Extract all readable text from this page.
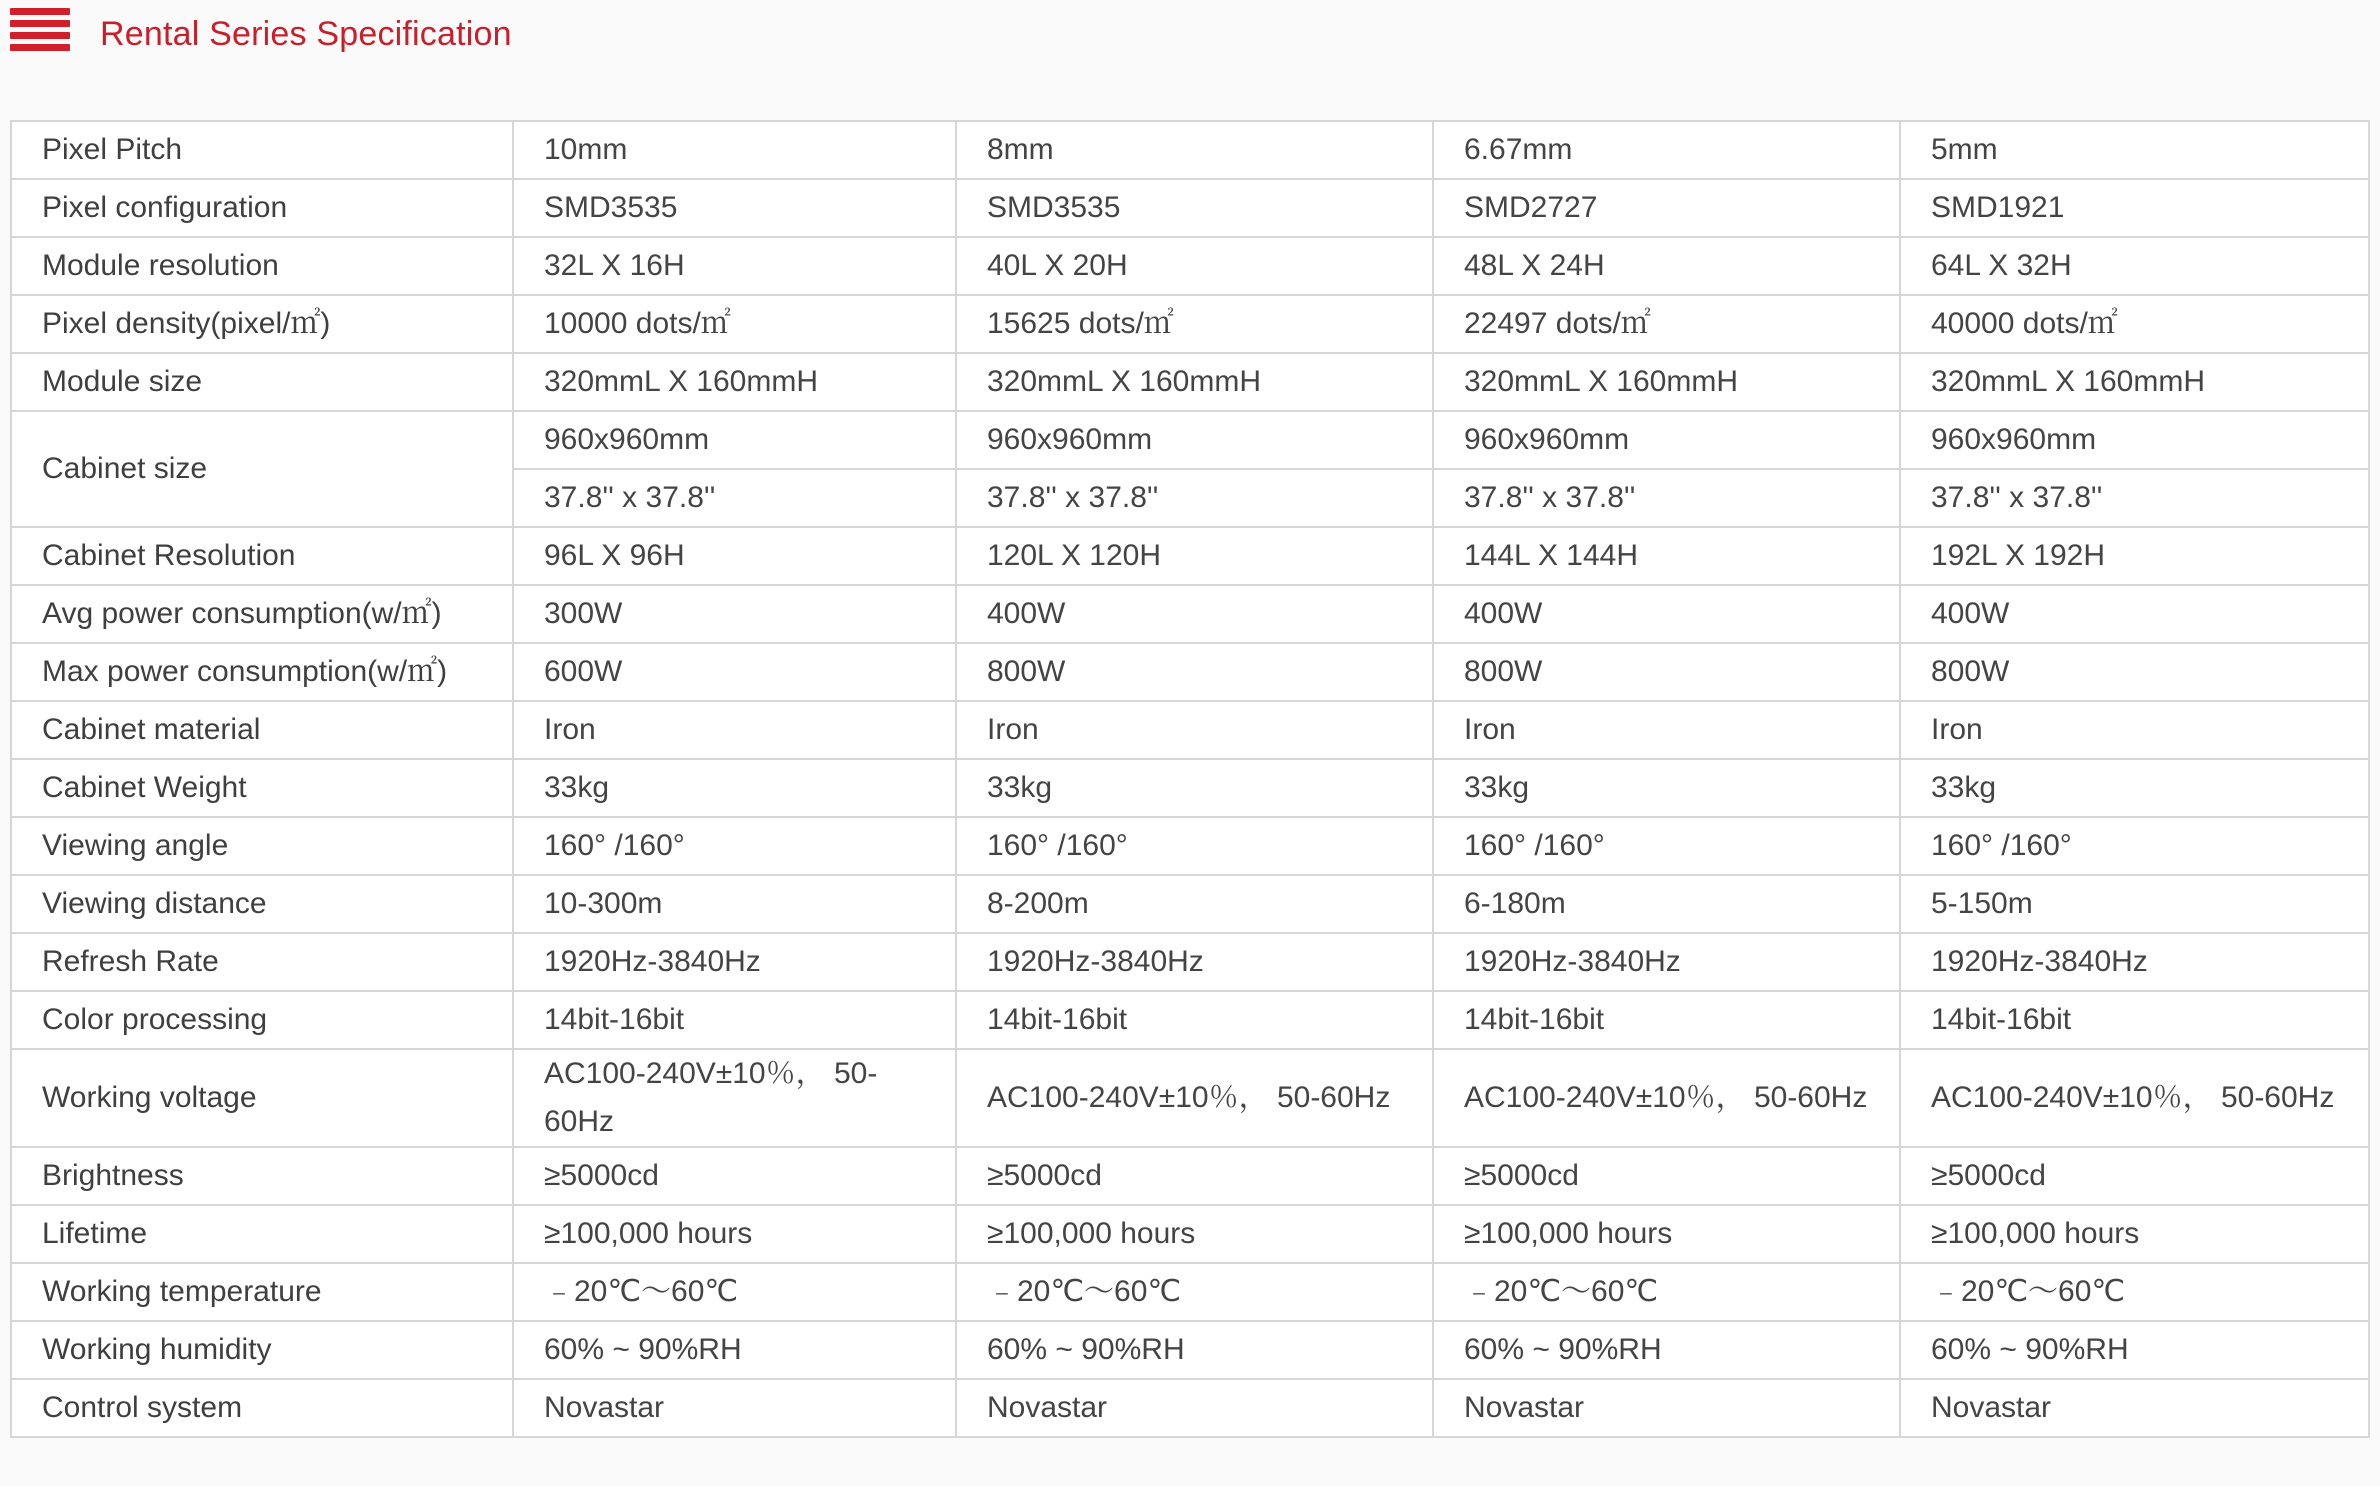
Rental Series Specification
Pixel Pitch	10mm	8mm	6.67mm	5mm
Pixel configuration	SMD3535	SMD3535	SMD2727	SMD1921
Module resolution	32L X 16H	40L X 20H	48L X 24H	64L X 32H
Pixel density(pixel/㎡)	10000 dots/㎡	15625 dots/㎡	22497 dots/㎡	40000 dots/㎡
Module size	320mmL X 160mmH	320mmL X 160mmH	320mmL X 160mmH	320mmL X 160mmH
Cabinet size	960x960mm	960x960mm	960x960mm	960x960mm
	37.8'' x 37.8''	37.8'' x 37.8''	37.8'' x 37.8''	37.8'' x 37.8''
Cabinet Resolution	96L X 96H	120L X 120H	144L X 144H	192L X 192H
Avg power consumption(w/㎡)	300W	400W	400W	400W
Max power consumption(w/㎡)	600W	800W	800W	800W
Cabinet material	Iron	Iron	Iron	Iron
Cabinet Weight	33kg	33kg	33kg	33kg
Viewing angle	160° /160°	160° /160°	160° /160°	160° /160°
Viewing distance	10-300m	8-200m	6-180m	5-150m
Refresh Rate	1920Hz-3840Hz	1920Hz-3840Hz	1920Hz-3840Hz	1920Hz-3840Hz
Color processing	14bit-16bit	14bit-16bit	14bit-16bit	14bit-16bit
Working voltage	AC100-240V±10％， 50-60Hz	AC100-240V±10％， 50-60Hz	AC100-240V±10％， 50-60Hz	AC100-240V±10％， 50-60Hz
Brightness	≥5000cd	≥5000cd	≥5000cd	≥5000cd
Lifetime	≥100,000 hours	≥100,000 hours	≥100,000 hours	≥100,000 hours
Working temperature	﹣20℃～60℃	﹣20℃～60℃	﹣20℃～60℃	﹣20℃～60℃
Working humidity	60% ~ 90%RH	60% ~ 90%RH	60% ~ 90%RH	60% ~ 90%RH
Control system	Novastar	Novastar	Novastar	Novastar
